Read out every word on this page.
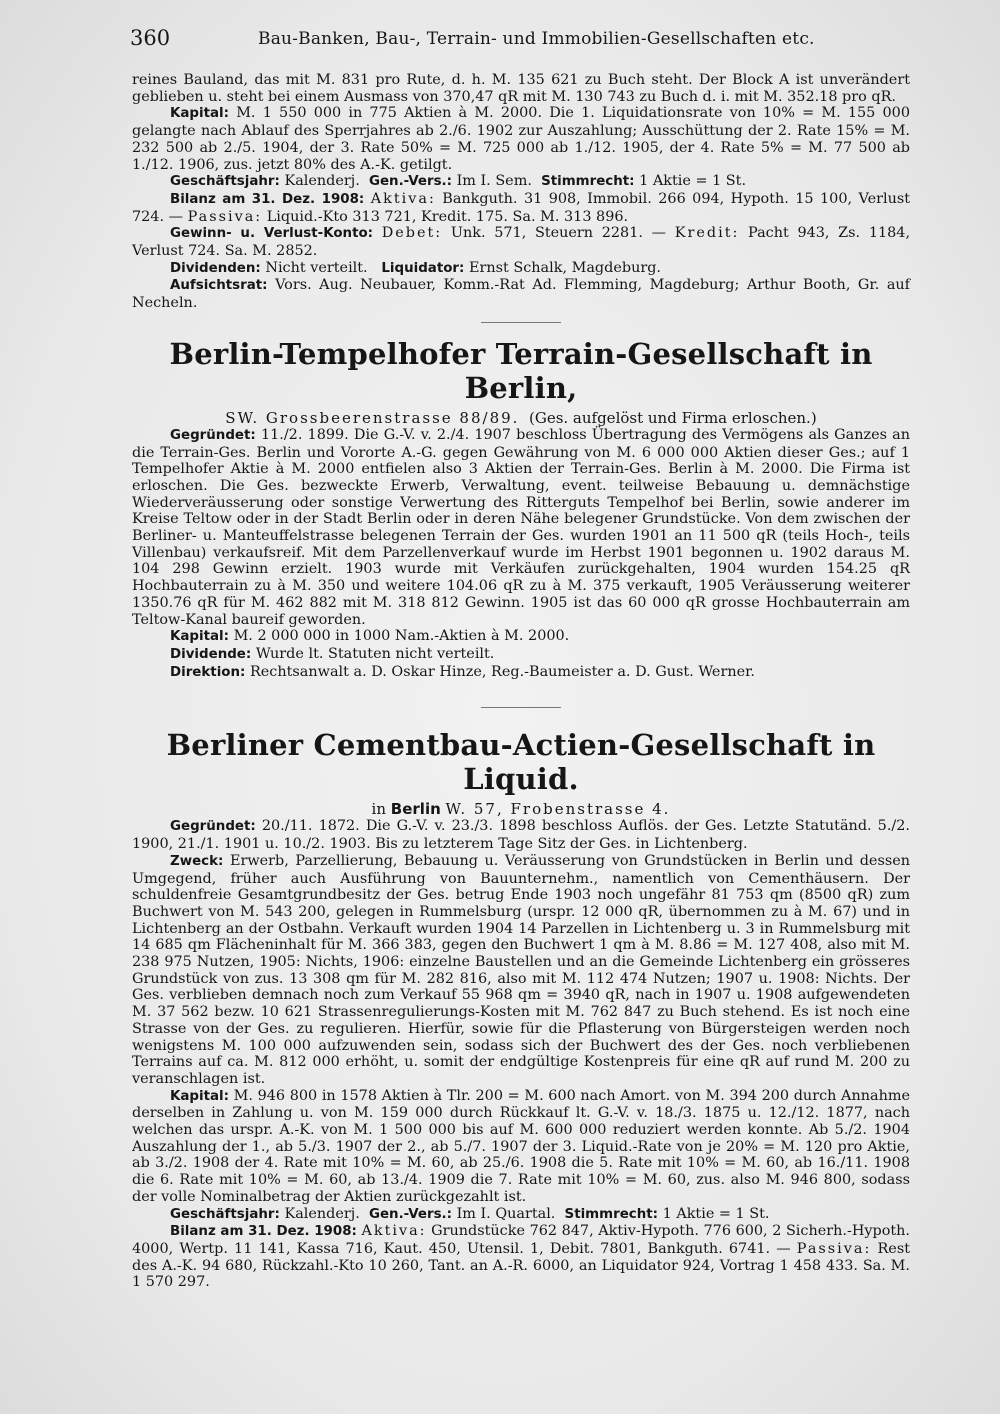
360	Bau-Banken, Bau-, Terrain- und Immobilien-Gesellschaften etc.

reines Bauland, das mit M. 831 pro Rute, d. h. M. 135 621 zu Buch steht. Der Block A ist unverändert geblieben u. steht bei einem Ausmass von 370,47 qR mit M. 130 743 zu Buch d. i. mit M. 352.18 pro qR.

Kapital: M. 1 550 000 in 775 Aktien à M. 2000. Die 1. Liquidationsrate von 10% = M. 155 000 gelangte nach Ablauf des Sperrjahres ab 2./6. 1902 zur Auszahlung; Ausschüttung der 2. Rate 15% = M. 232 500 ab 2./5. 1904, der 3. Rate 50% = M. 725 000 ab 1./12. 1905, der 4. Rate 5% = M. 77 500 ab 1./12. 1906, zus. jetzt 80% des A.-K. getilgt.

Geschäftsjahr: Kalenderj. Gen.-Vers.: Im I. Sem. Stimmrecht: 1 Aktie = 1 St.

Bilanz am 31. Dez. 1908: Aktiva: Bankguth. 31 908, Immobil. 266 094, Hypoth. 15 100, Verlust 724. — Passiva: Liquid.-Kto 313 721, Kredit. 175. Sa. M. 313 896.

Gewinn- u. Verlust-Konto: Debet: Unk. 571, Steuern 2281. — Kredit: Pacht 943, Zs. 1184, Verlust 724. Sa. M. 2852.

Dividenden: Nicht verteilt. Liquidator: Ernst Schalk, Magdeburg.

Aufsichtsrat: Vors. Aug. Neubauer, Komm.-Rat Ad. Flemming, Magdeburg; Arthur Booth, Gr. auf Necheln.

Berlin-Tempelhofer Terrain-Gesellschaft in Berlin,
SW. Grossbeerenstrasse 88/89. (Ges. aufgelöst und Firma erloschen.)

Gegründet: 11./2. 1899. Die G.-V. v. 2./4. 1907 beschloss Übertragung des Vermögens als Ganzes an die Terrain-Ges. Berlin und Vororte A.-G. gegen Gewährung von M. 6 000 000 Aktien dieser Ges.; auf 1 Tempelhofer Aktie à M. 2000 entfielen also 3 Aktien der Terrain-Ges. Berlin à M. 2000. Die Firma ist erloschen. Die Ges. bezweckte Erwerb, Verwaltung, event. teilweise Bebauung u. demnächstige Wiederveräusserung oder sonstige Verwertung des Ritterguts Tempelhof bei Berlin, sowie anderer im Kreise Teltow oder in der Stadt Berlin oder in deren Nähe belegener Grundstücke. Von dem zwischen der Berliner- u. Manteuffelstrasse belegenen Terrain der Ges. wurden 1901 an 11 500 qR (teils Hoch-, teils Villenbau) verkaufsreif. Mit dem Parzellenverkauf wurde im Herbst 1901 begonnen u. 1902 daraus M. 104 298 Gewinn erzielt. 1903 wurde mit Verkäufen zurückgehalten, 1904 wurden 154.25 qR Hochbauterrain zu à M. 350 und weitere 104.06 qR zu à M. 375 verkauft, 1905 Veräusserung weiterer 1350.76 qR für M. 462 882 mit M. 318 812 Gewinn. 1905 ist das 60 000 qR grosse Hochbauterrain am Teltow-Kanal baureif geworden.

Kapital: M. 2 000 000 in 1000 Nam.-Aktien à M. 2000.

Dividende: Wurde lt. Statuten nicht verteilt.

Direktion: Rechtsanwalt a. D. Oskar Hinze, Reg.-Baumeister a. D. Gust. Werner.

Berliner Cementbau-Actien-Gesellschaft in Liquid.
in Berlin W. 57, Frobenstrasse 4.

Gegründet: 20./11. 1872. Die G.-V. v. 23./3. 1898 beschloss Auflös. der Ges. Letzte Statutänd. 5./2. 1900, 21./1. 1901 u. 10./2. 1903. Bis zu letzterem Tage Sitz der Ges. in Lichtenberg.

Zweck: Erwerb, Parzellierung, Bebauung u. Veräusserung von Grundstücken in Berlin und dessen Umgegend, früher auch Ausführung von Bauunternehm., namentlich von Cementhäusern. Der schuldenfreie Gesamtgrundbesitz der Ges. betrug Ende 1903 noch ungefähr 81 753 qm (8500 qR) zum Buchwert von M. 543 200, gelegen in Rummelsburg (urspr. 12 000 qR, übernommen zu à M. 67) und in Lichtenberg an der Ostbahn. Verkauft wurden 1904 14 Parzellen in Lichtenberg u. 3 in Rummelsburg mit 14 685 qm Flächeninhalt für M. 366 383, gegen den Buchwert 1 qm à M. 8.86 = M. 127 408, also mit M. 238 975 Nutzen, 1905: Nichts, 1906: einzelne Baustellen und an die Gemeinde Lichtenberg ein grösseres Grundstück von zus. 13 308 qm für M. 282 816, also mit M. 112 474 Nutzen; 1907 u. 1908: Nichts. Der Ges. verblieben demnach noch zum Verkauf 55 968 qm = 3940 qR, nach in 1907 u. 1908 aufgewendeten M. 37 562 bezw. 10 621 Strassenregulierungs-Kosten mit M. 762 847 zu Buch stehend. Es ist noch eine Strasse von der Ges. zu regulieren. Hierfür, sowie für die Pflasterung von Bürgersteigen werden noch wenigstens M. 100 000 aufzuwenden sein, sodass sich der Buchwert des der Ges. noch verbliebenen Terrains auf ca. M. 812 000 erhöht, u. somit der endgültige Kostenpreis für eine qR auf rund M. 200 zu veranschlagen ist.

Kapital: M. 946 800 in 1578 Aktien à Tlr. 200 = M. 600 nach Amort. von M. 394 200 durch Annahme derselben in Zahlung u. von M. 159 000 durch Rückkauf lt. G.-V. v. 18./3. 1875 u. 12./12. 1877, nach welchen das urspr. A.-K. von M. 1 500 000 bis auf M. 600 000 reduziert werden konnte. Ab 5./2. 1904 Auszahlung der 1., ab 5./3. 1907 der 2., ab 5./7. 1907 der 3. Liquid.-Rate von je 20% = M. 120 pro Aktie, ab 3./2. 1908 der 4. Rate mit 10% = M. 60, ab 25./6. 1908 die 5. Rate mit 10% = M. 60, ab 16./11. 1908 die 6. Rate mit 10% = M. 60, ab 13./4. 1909 die 7. Rate mit 10% = M. 60, zus. also M. 946 800, sodass der volle Nominalbetrag der Aktien zurückgezahlt ist.

Geschäftsjahr: Kalenderj. Gen.-Vers.: Im I. Quartal. Stimmrecht: 1 Aktie = 1 St.

Bilanz am 31. Dez. 1908: Aktiva: Grundstücke 762 847, Aktiv-Hypoth. 776 600, 2 Sicherh.-Hypoth. 4000, Wertp. 11 141, Kassa 716, Kaut. 450, Utensil. 1, Debit. 7801, Bankguth. 6741. — Passiva: Rest des A.-K. 94 680, Rückzahl.-Kto 10 260, Tant. an A.-R. 6000, an Liquidator 924, Vortrag 1 458 433. Sa. M. 1 570 297.
